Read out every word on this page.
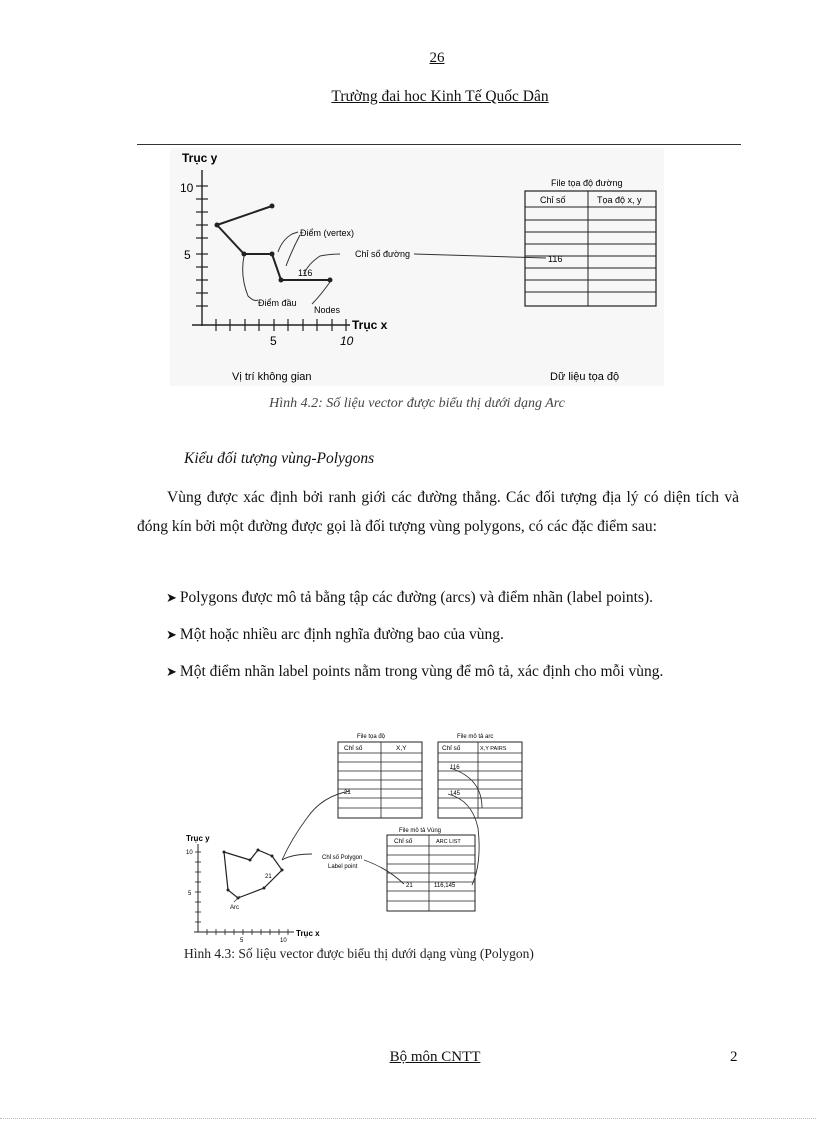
26
Trường đai hoc Kinh Tế Quốc Dân
Trục y
10
5
Trục x
5	10
Điểm (vertex)
Chỉ số đường
116
Điểm đầu
Nodes
File tọa độ đường
Chỉ số	Tọa độ x, y
116
Vị trí không gian	Dữ liệu tọa độ
Hình 4.2: Số liệu vector được biểu thị dưới dạng Arc
Kiểu đối tượng vùng-Polygons
Vùng được xác định bởi ranh giới các đường thẳng. Các đối tượng địa lý có diện tích và đóng kín bởi một đường được gọi là đối tượng vùng polygons, có các đặc điểm sau:
➤ Polygons được mô tả bằng tập các đường (arcs) và điểm nhãn (label points).
➤ Một hoặc nhiều arc định nghĩa đường bao của vùng.
➤ Một điểm nhãn label points nằm trong vùng để mô tả, xác định cho mỗi vùng.
File tọa độ
Chỉ số	X,Y
21
File mô tả arc
Chỉ số	X,Y PAIRS
116
145
File mô tả Vùng
Chỉ số	ARC LIST
21	116,145
Chỉ số Polygon
Label point
Trục y
10
5
Trục x
5	10
21
Arc
Hình 4.3: Số liệu vector được biểu thị dưới dạng vùng (Polygon)
Bộ môn CNTT	2
